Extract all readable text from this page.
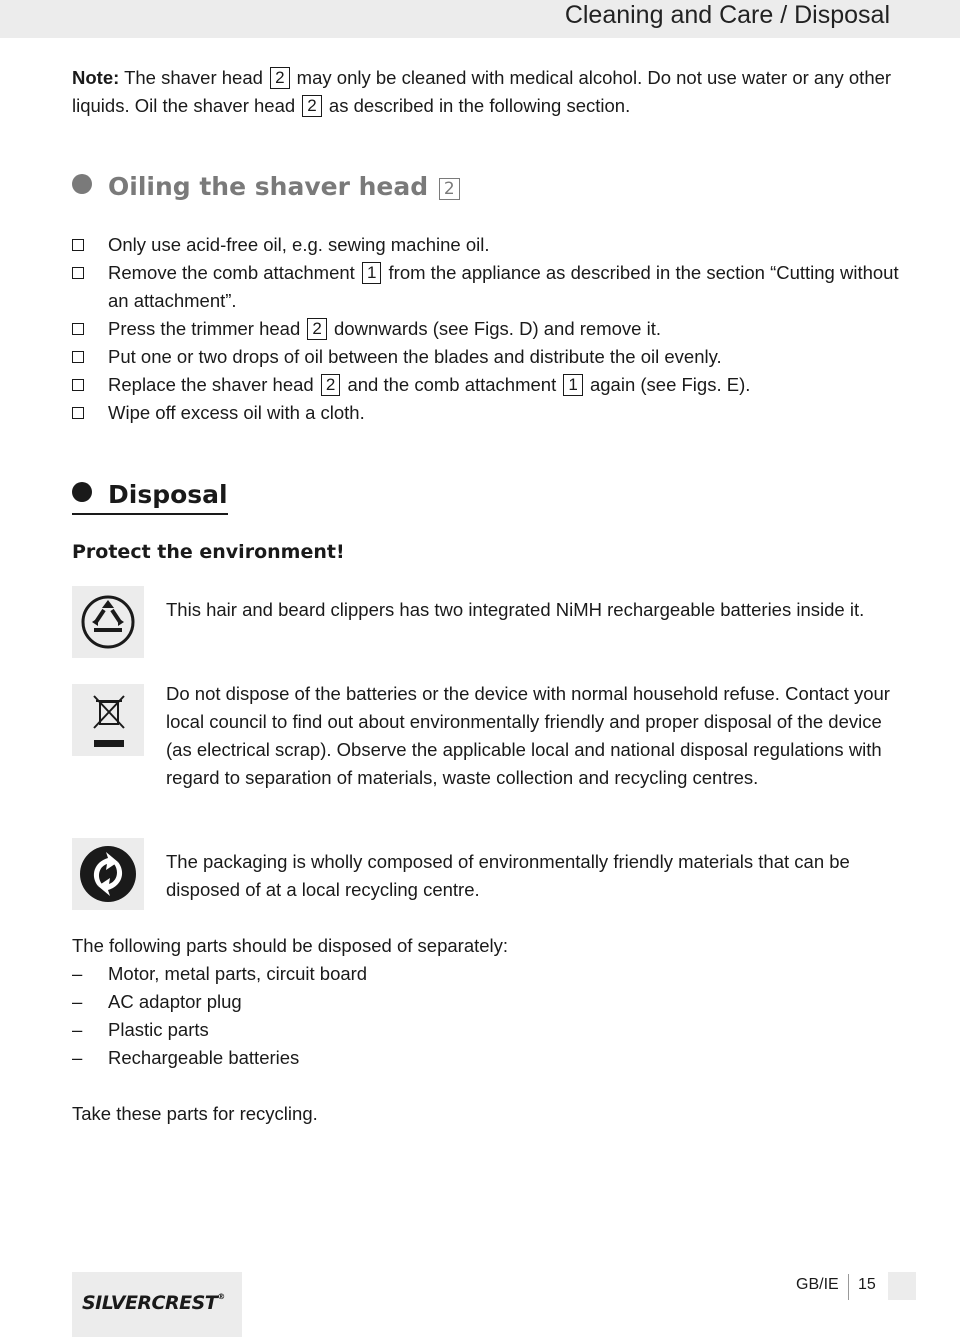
Cleaning and Care / Disposal
Note: The shaver head 2 may only be cleaned with medical alcohol. Do not use water or any other liquids. Oil the shaver head 2 as described in the following section.
Oiling the shaver head 2
Only use acid-free oil, e.g. sewing machine oil.
Remove the comb attachment 1 from the appliance as described in the section “Cutting without an attachment”.
Press the trimmer head 2 downwards (see Figs. D) and remove it.
Put one or two drops of oil between the blades and distribute the oil evenly.
Replace the shaver head 2 and the comb attachment 1 again (see Figs. E).
Wipe off excess oil with a cloth.
Disposal
Protect the environment!
This hair and beard clippers has two integrated NiMH rechargeable batteries inside it.
Do not dispose of the batteries or the device with normal household refuse. Contact your local council to find out about environmentally friendly and proper disposal of the device (as electrical scrap). Observe the applicable local and national disposal regulations with regard to separation of materials, waste collection and recycling centres.
The packaging is wholly composed of environmentally friendly materials that can be disposed of at a local recycling centre.
The following parts should be disposed of separately:
– Motor, metal parts, circuit board
– AC adaptor plug
– Plastic parts
– Rechargeable batteries
Take these parts for recycling.
SILVERCREST®
GB/IE 15
